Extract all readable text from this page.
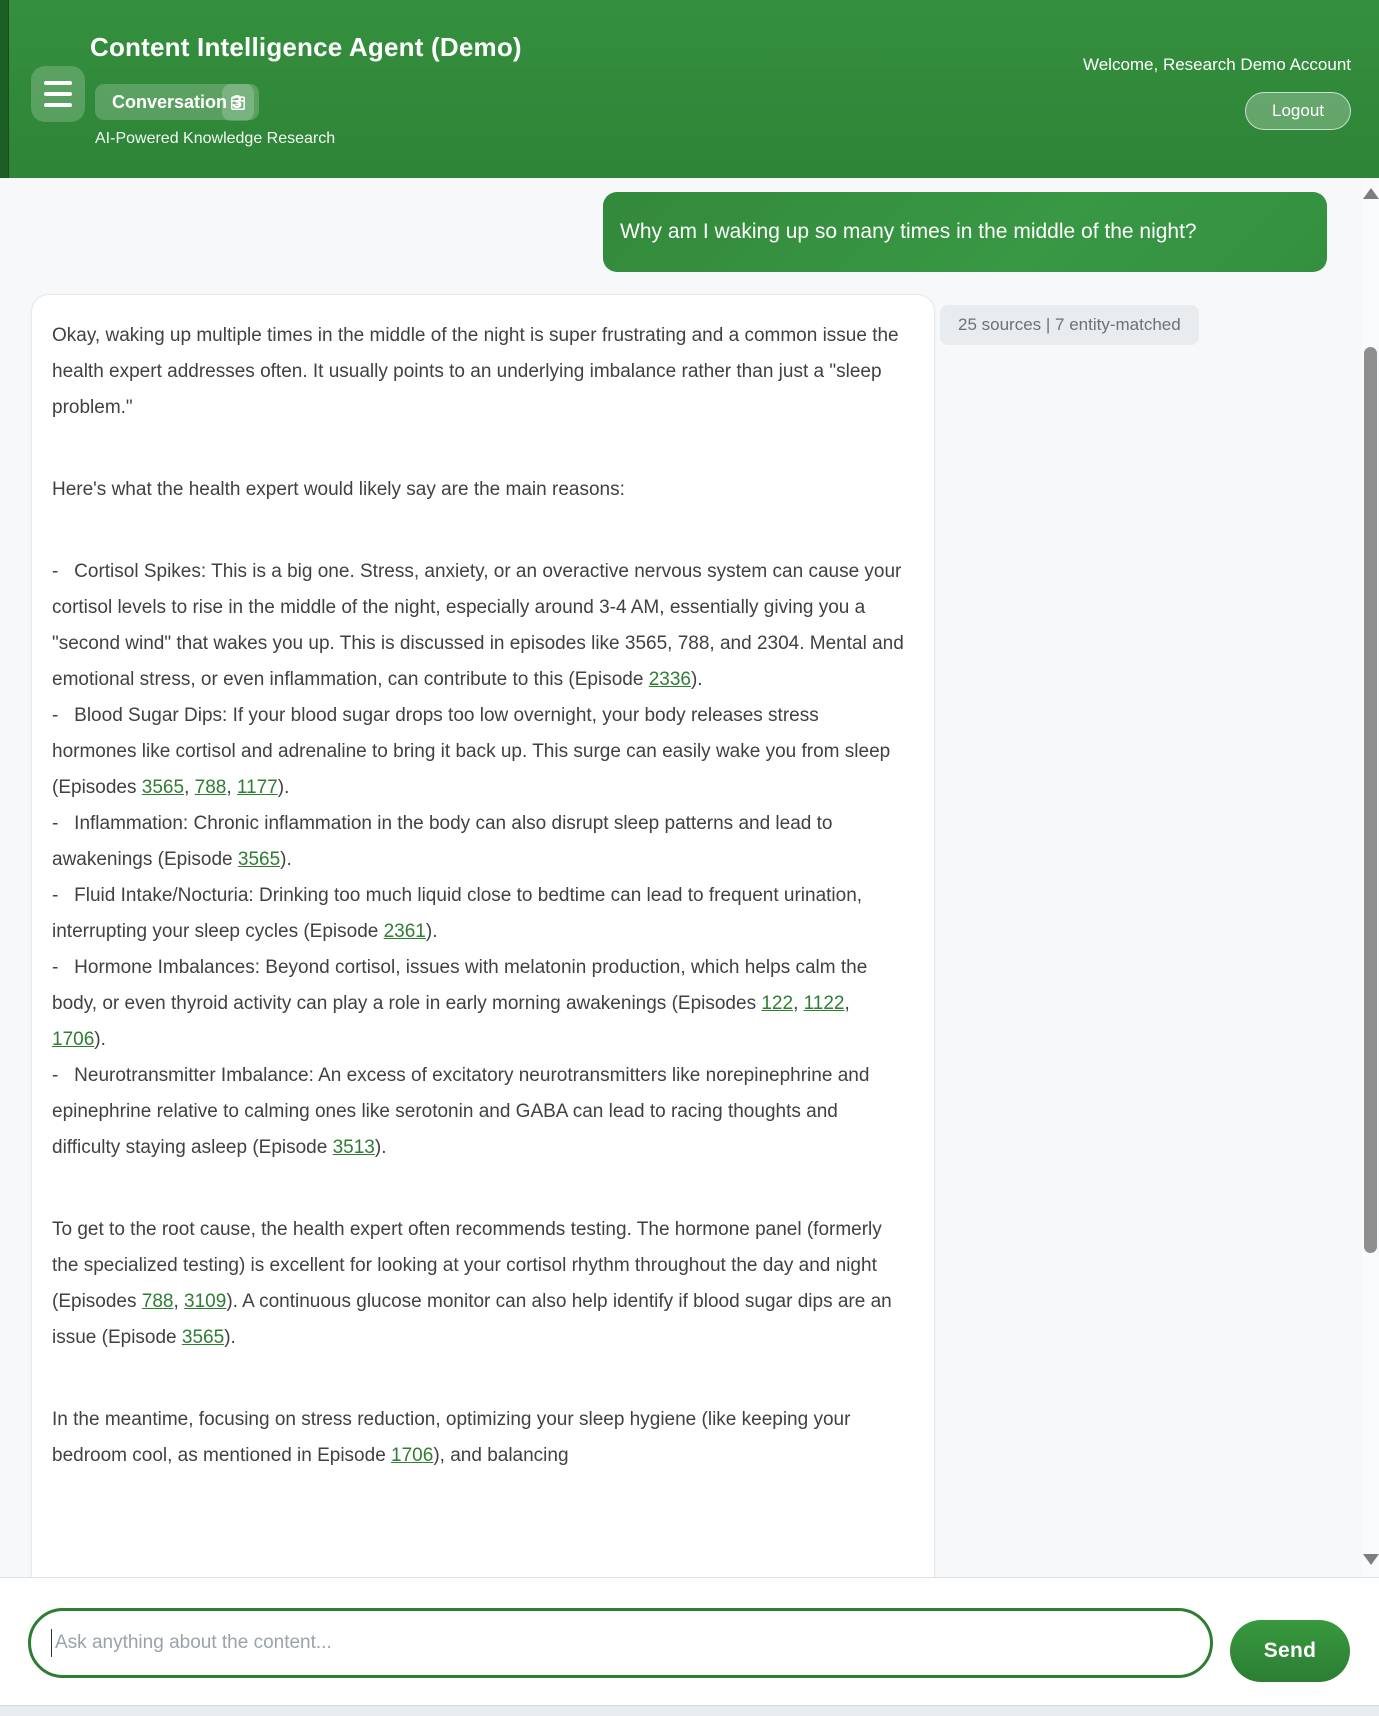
Content Intelligence Agent (Demo)
Conversation 3
AI-Powered Knowledge Research
Welcome, Research Demo Account
Logout
Why am I waking up so many times in the middle of the night?
25 sources | 7 entity-matched

Okay, waking up multiple times in the middle of the night is super frustrating and a common issue the health expert addresses often. It usually points to an underlying imbalance rather than just a "sleep problem."

Here's what the health expert would likely say are the main reasons:

-   Cortisol Spikes: This is a big one. Stress, anxiety, or an overactive nervous system can cause your cortisol levels to rise in the middle of the night, especially around 3-4 AM, essentially giving you a "second wind" that wakes you up. This is discussed in episodes like 3565, 788, and 2304. Mental and emotional stress, or even inflammation, can contribute to this (Episode 2336).

-   Blood Sugar Dips: If your blood sugar drops too low overnight, your body releases stress hormones like cortisol and adrenaline to bring it back up. This surge can easily wake you from sleep (Episodes 3565, 788, 1177).

-   Inflammation: Chronic inflammation in the body can also disrupt sleep patterns and lead to awakenings (Episode 3565).

-   Fluid Intake/Nocturia: Drinking too much liquid close to bedtime can lead to frequent urination, interrupting your sleep cycles (Episode 2361).

-   Hormone Imbalances: Beyond cortisol, issues with melatonin production, which helps calm the body, or even thyroid activity can play a role in early morning awakenings (Episodes 122, 1122, 1706).

-   Neurotransmitter Imbalance: An excess of excitatory neurotransmitters like norepinephrine and epinephrine relative to calming ones like serotonin and GABA can lead to racing thoughts and difficulty staying asleep (Episode 3513).

To get to the root cause, the health expert often recommends testing. The hormone panel (formerly the specialized testing) is excellent for looking at your cortisol rhythm throughout the day and night (Episodes 788, 3109). A continuous glucose monitor can also help identify if blood sugar dips are an issue (Episode 3565).

In the meantime, focusing on stress reduction, optimizing your sleep hygiene (like keeping your bedroom cool, as mentioned in Episode 1706), and balancing

Ask anything about the content...
Send
